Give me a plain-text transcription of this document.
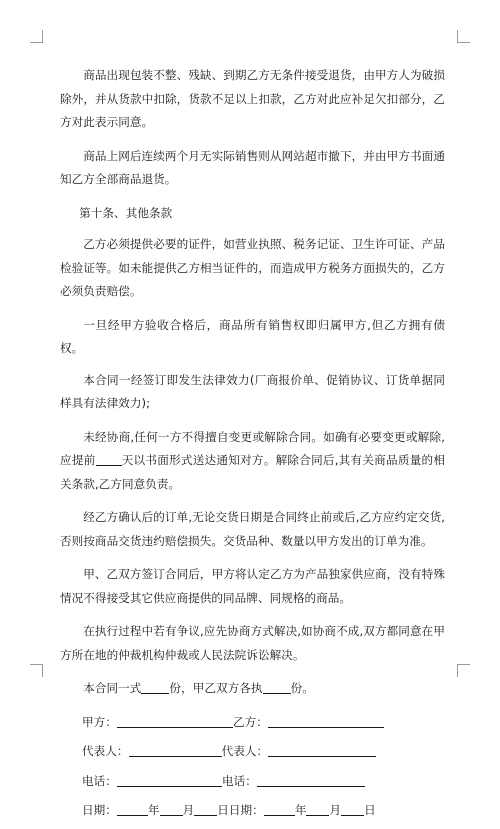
商品出现包装不整、残缺、到期乙方无条件接受退货，由甲方人为破损除外，并从货款中扣除，货款不足以上扣款，乙方对此应补足欠扣部分，乙方对此表示同意。

商品上网后连续两个月无实际销售则从网站超市撤下，并由甲方书面通知乙方全部商品退货。

第十条、其他条款

乙方必须提供必要的证件，如营业执照、税务记证、卫生许可证、产品检验证等。如未能提供乙方相当证件的，而造成甲方税务方面损失的，乙方必须负责赔偿。

一旦经甲方验收合格后，商品所有销售权即归属甲方,但乙方拥有债权。

本合同一经签订即发生法律效力(厂商报价单、促销协议、订货单据同样具有法律效力);

未经协商,任何一方不得擅自变更或解除合同。如确有必要变更或解除,应提前 天以书面形式送达通知对方。解除合同后,其有关商品质量的相关条款,乙方同意负责。

经乙方确认后的订单,无论交货日期是合同终止前或后,乙方应约定交货,否则按商品交货违约赔偿损失。交货品种、数量以甲方发出的订单为准。

甲、乙双方签订合同后，甲方将认定乙方为产品独家供应商，没有特殊情况不得接受其它供应商提供的同品牌、同规格的商品。

在执行过程中若有争议,应先协商方式解决,如协商不成,双方都同意在甲方所在地的仲裁机构仲裁或人民法院诉讼解决。

本合同一式 份，甲乙双方各执 份。

甲方：	乙方：
代表人：	代表人：
电话：	电话：
日期：	年 月 日日期：	年 月 日
